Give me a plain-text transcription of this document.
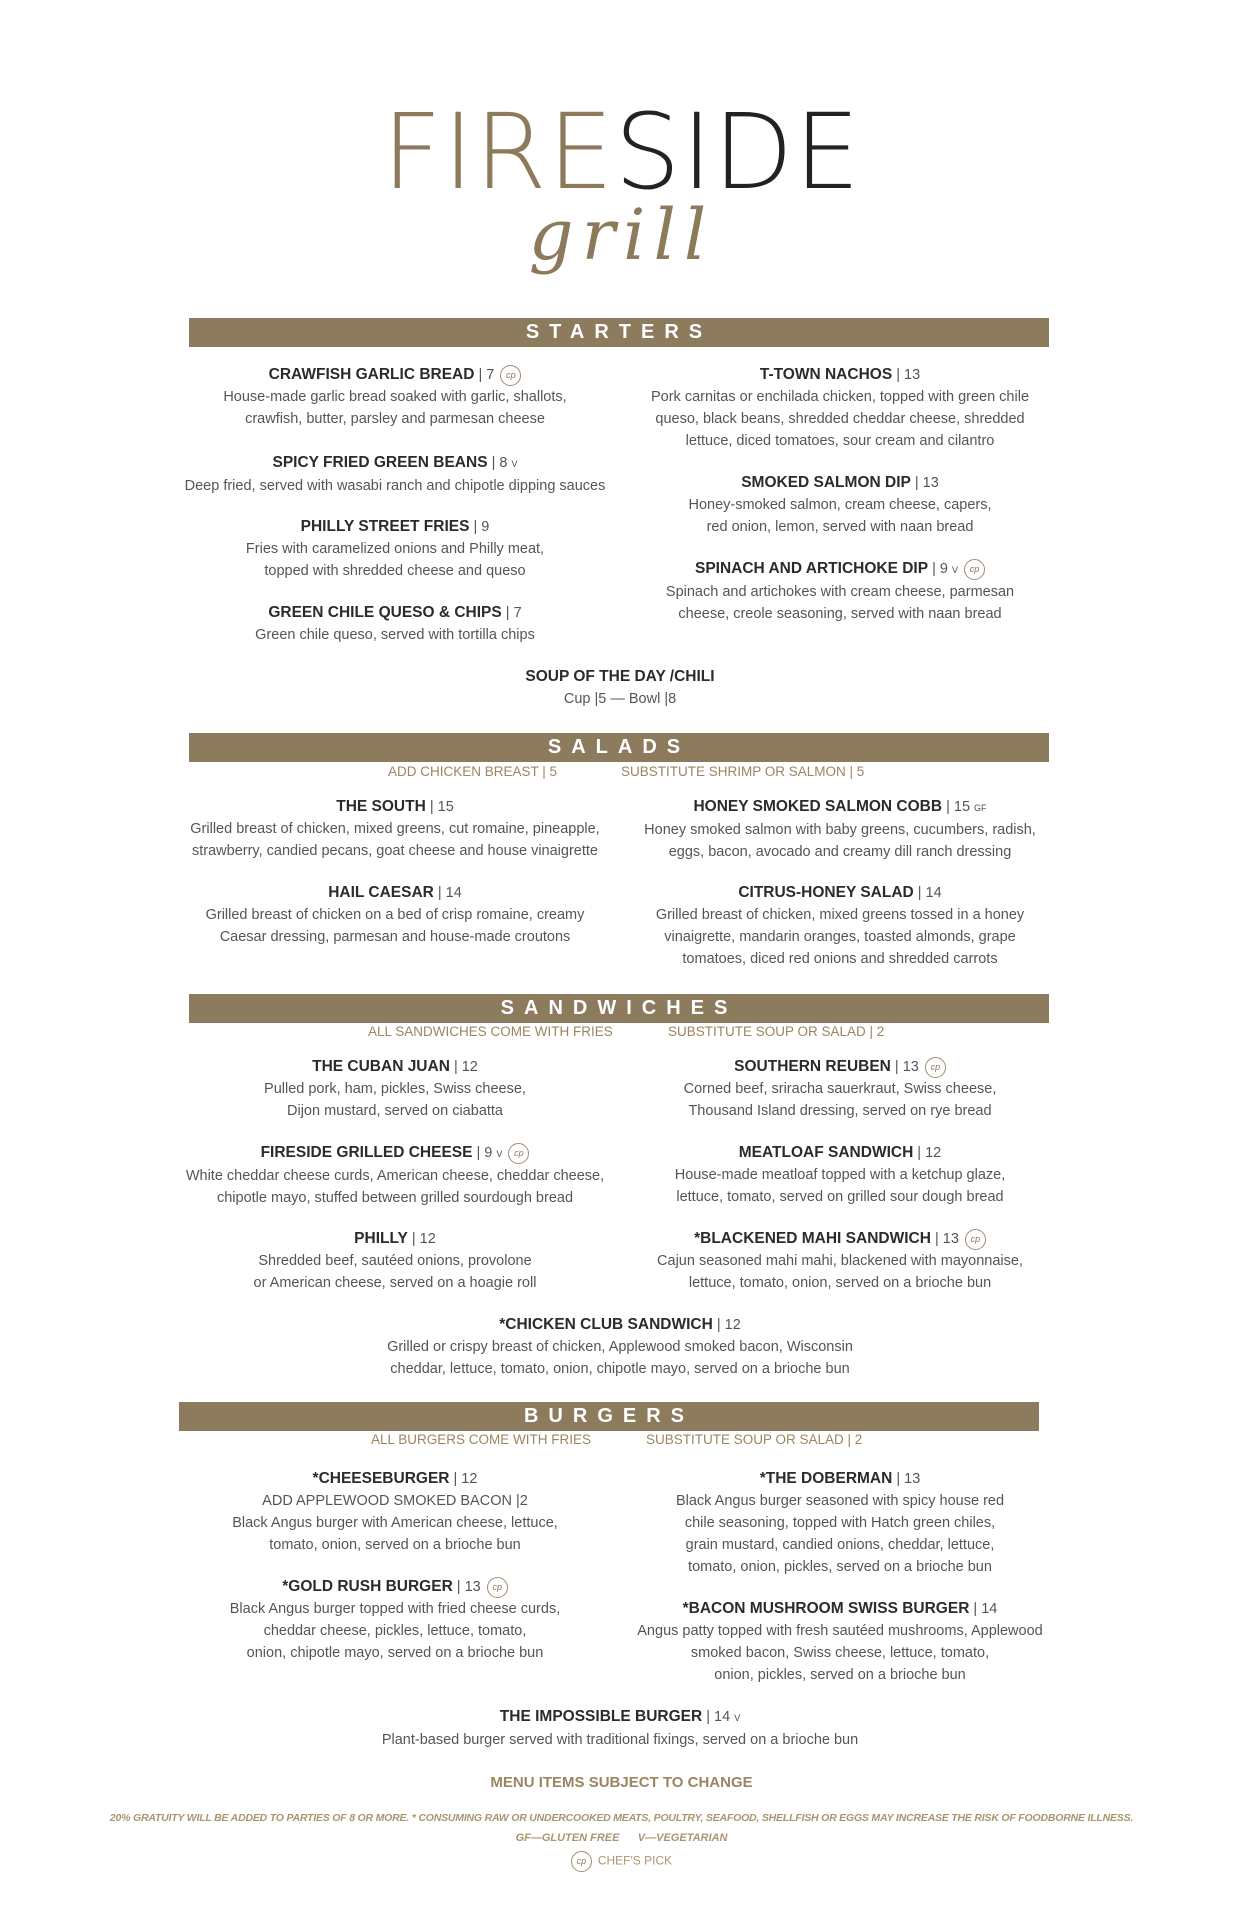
FIRESIDE
grill
STARTERS
CRAWFISH GARLIC BREAD | 7 cp
House-made garlic bread soaked with garlic, shallots,
crawfish, butter, parsley and parmesan cheese
SPICY FRIED GREEN BEANS | 8 V
Deep fried, served with wasabi ranch and chipotle dipping sauces
PHILLY STREET FRIES | 9
Fries with caramelized onions and Philly meat,
topped with shredded cheese and queso
GREEN CHILE QUESO & CHIPS | 7
Green chile queso, served with tortilla chips
T-TOWN NACHOS | 13
Pork carnitas or enchilada chicken, topped with green chile
queso, black beans, shredded cheddar cheese, shredded
lettuce, diced tomatoes, sour cream and cilantro
SMOKED SALMON DIP | 13
Honey-smoked salmon, cream cheese, capers,
red onion, lemon, served with naan bread
SPINACH AND ARTICHOKE DIP | 9 V cp
Spinach and artichokes with cream cheese, parmesan
cheese, creole seasoning, served with naan bread
SOUP OF THE DAY /CHILI
Cup |5 — Bowl |8
SALADS
ADD CHICKEN BREAST | 5	SUBSTITUTE SHRIMP OR SALMON | 5
THE SOUTH | 15
Grilled breast of chicken, mixed greens, cut romaine, pineapple,
strawberry, candied pecans, goat cheese and house vinaigrette
HAIL CAESAR | 14
Grilled breast of chicken on a bed of crisp romaine, creamy
Caesar dressing, parmesan and house-made croutons
HONEY SMOKED SALMON COBB | 15 GF
Honey smoked salmon with baby greens, cucumbers, radish,
eggs, bacon, avocado and creamy dill ranch dressing
CITRUS-HONEY SALAD | 14
Grilled breast of chicken, mixed greens tossed in a honey
vinaigrette, mandarin oranges, toasted almonds, grape
tomatoes, diced red onions and shredded carrots
SANDWICHES
ALL SANDWICHES COME WITH FRIES	SUBSTITUTE SOUP OR SALAD | 2
THE CUBAN JUAN | 12
Pulled pork, ham, pickles, Swiss cheese,
Dijon mustard, served on ciabatta
FIRESIDE GRILLED CHEESE | 9 V cp
White cheddar cheese curds, American cheese, cheddar cheese,
chipotle mayo, stuffed between grilled sourdough bread
PHILLY | 12
Shredded beef, sautéed onions, provolone
or American cheese, served on a hoagie roll
SOUTHERN REUBEN | 13 cp
Corned beef, sriracha sauerkraut, Swiss cheese,
Thousand Island dressing, served on rye bread
MEATLOAF SANDWICH | 12
House-made meatloaf topped with a ketchup glaze,
lettuce, tomato, served on grilled sour dough bread
*BLACKENED MAHI SANDWICH | 13 cp
Cajun seasoned mahi mahi, blackened with mayonnaise,
lettuce, tomato, onion, served on a brioche bun
*CHICKEN CLUB SANDWICH | 12
Grilled or crispy breast of chicken, Applewood smoked bacon, Wisconsin
cheddar, lettuce, tomato, onion, chipotle mayo, served on a brioche bun
BURGERS
ALL BURGERS COME WITH FRIES	SUBSTITUTE SOUP OR SALAD | 2
*CHEESEBURGER | 12
ADD APPLEWOOD SMOKED BACON |2
Black Angus burger with American cheese, lettuce,
tomato, onion, served on a brioche bun
*GOLD RUSH BURGER | 13 cp
Black Angus burger topped with fried cheese curds,
cheddar cheese, pickles, lettuce, tomato,
onion, chipotle mayo, served on a brioche bun
*THE DOBERMAN | 13
Black Angus burger seasoned with spicy house red
chile seasoning, topped with Hatch green chiles,
grain mustard, candied onions, cheddar, lettuce,
tomato, onion, pickles, served on a brioche bun
*BACON MUSHROOM SWISS BURGER | 14
Angus patty topped with fresh sautéed mushrooms, Applewood
smoked bacon, Swiss cheese, lettuce, tomato,
onion, pickles, served on a brioche bun
THE IMPOSSIBLE BURGER | 14 V
Plant-based burger served with traditional fixings, served on a brioche bun
MENU ITEMS SUBJECT TO CHANGE
20% GRATUITY WILL BE ADDED TO PARTIES OF 8 OR MORE. * CONSUMING RAW OR UNDERCOOKED MEATS, POULTRY, SEAFOOD, SHELLFISH OR EGGS MAY INCREASE THE RISK OF FOODBORNE ILLNESS.
GF—GLUTEN FREE      V—VEGETARIAN
cp CHEF'S PICK
